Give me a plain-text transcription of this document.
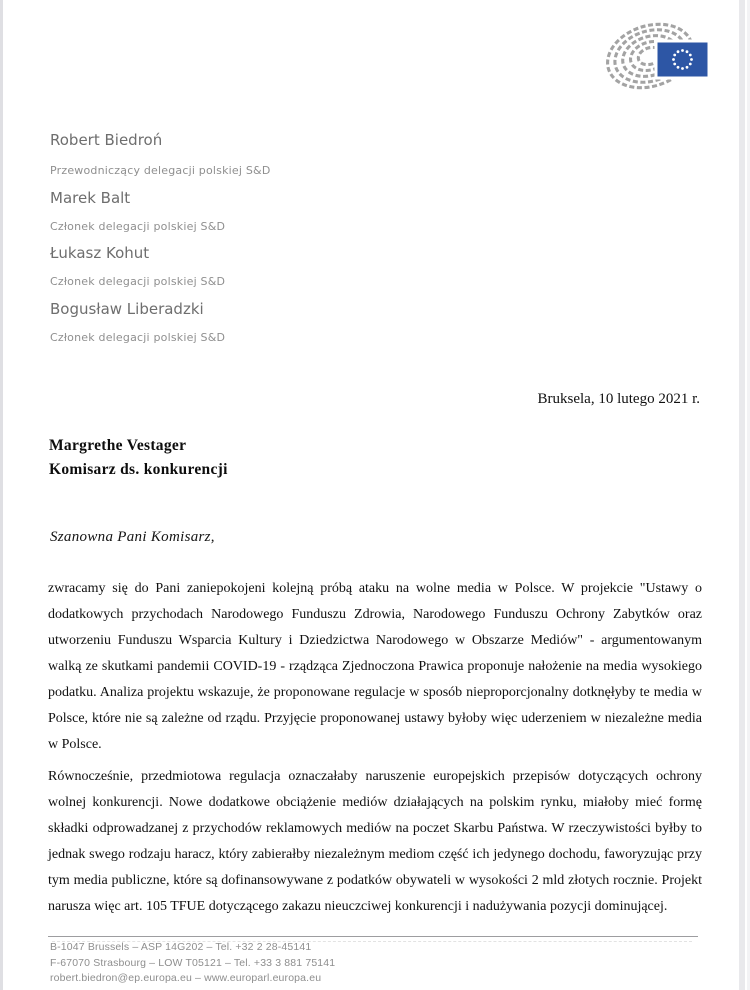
Robert Biedroń
Przewodniczący delegacji polskiej S&D
Marek Balt
Członek delegacji polskiej S&D
Łukasz Kohut
Członek delegacji polskiej S&D
Bogusław Liberadzki
Członek delegacji polskiej S&D
Bruksela, 10 lutego 2021 r.
Margrethe Vestager
Komisarz ds. konkurencji
Szanowna Pani Komisarz,

zwracamy się do Pani zaniepokojeni kolejną próbą ataku na wolne media w Polsce. W projekcie "Ustawy o dodatkowych przychodach Narodowego Funduszu Zdrowia, Narodowego Funduszu Ochrony Zabytków oraz utworzeniu Funduszu Wsparcia Kultury i Dziedzictwa Narodowego w Obszarze Mediów" - argumentowanym walką ze skutkami pandemii COVID-19 - rządząca Zjednoczona Prawica proponuje nałożenie na media wysokiego podatku. Analiza projektu wskazuje, że proponowane regulacje w sposób nieproporcjonalny dotknęłyby te media w Polsce, które nie są zależne od rządu. Przyjęcie proponowanej ustawy byłoby więc uderzeniem w niezależne media w Polsce.

Równocześnie, przedmiotowa regulacja oznaczałaby naruszenie europejskich przepisów dotyczących ochrony wolnej konkurencji. Nowe dodatkowe obciążenie mediów działających na polskim rynku, miałoby mieć formę składki odprowadzanej z przychodów reklamowych mediów na poczet Skarbu Państwa. W rzeczywistości byłby to jednak swego rodzaju haracz, który zabierałby niezależnym mediom część ich jedynego dochodu, faworyzując przy tym media publiczne, które są dofinansowywane z podatków obywateli w wysokości 2 mld złotych rocznie. Projekt narusza więc art. 105 TFUE dotyczącego zakazu nieuczciwej konkurencji i nadużywania pozycji dominującej.

B-1047 Brussels – ASP 14G202 – Tel. +32 2 28-45141
F-67070 Strasbourg – LOW T05121 – Tel. +33 3 881 75141
robert.biedron@ep.europa.eu – www.europarl.europa.eu
